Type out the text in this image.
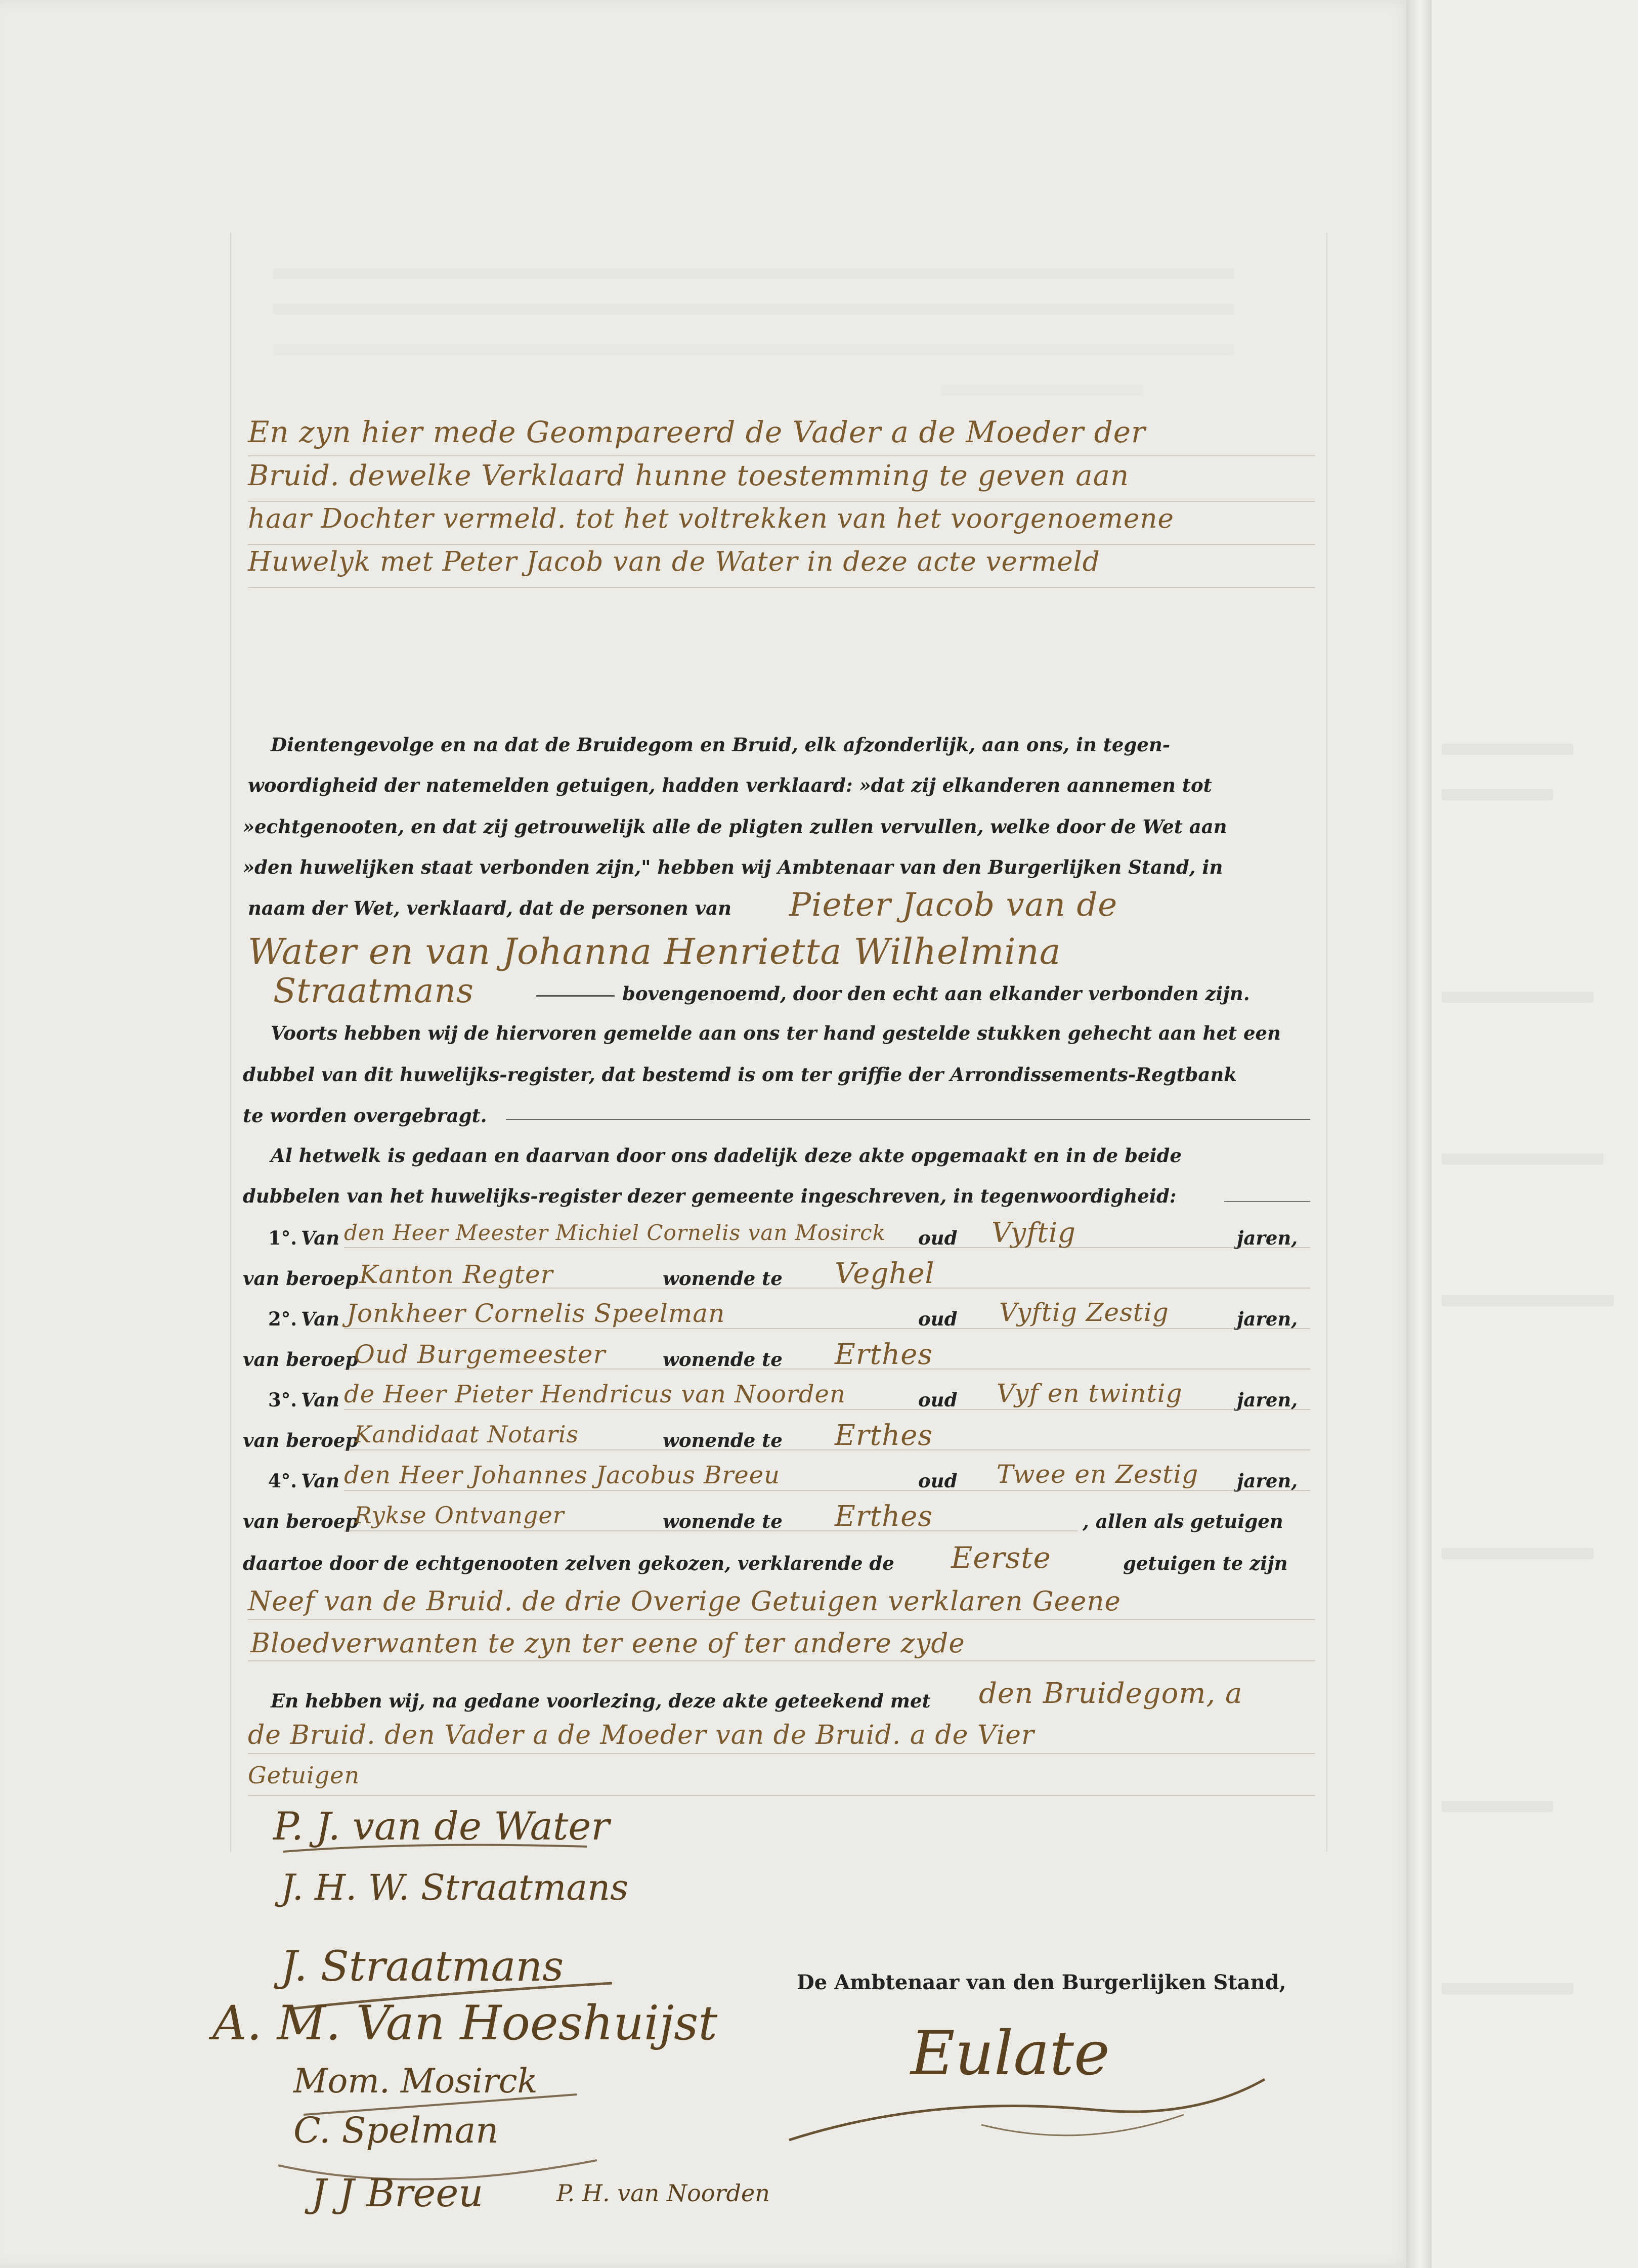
En zyn hier mede Geompareerd de Vader a de Moeder der
Bruid. dewelke Verklaard hunne toestemming te geven aan
haar Dochter vermeld. tot het voltrekken van het voorgenoemene
Huwelyk met Peter Jacob van de Water in deze acte vermeld
Dientengevolge en na dat de Bruidegom en Bruid, elk afzonderlijk, aan ons, in tegen-
woordigheid der natemelden getuigen, hadden verklaard: »dat zij elkanderen aannemen tot
»echtgenooten, en dat zij getrouwelijk alle de pligten zullen vervullen, welke door de Wet aan
»den huwelijken staat verbonden zijn," hebben wij Ambtenaar van den Burgerlijken Stand, in
naam der Wet, verklaard, dat de personen van Pieter Jacob van de
Water en van Johanna Henrietta Wilhelmina
Straatmans	bovengenoemd, door den echt aan elkander verbonden zijn.
Voorts hebben wij de hiervoren gemelde aan ons ter hand gestelde stukken gehecht aan het een
dubbel van dit huwelijks-register, dat bestemd is om ter griffie der Arrondissements-Regtbank
te worden overgebragt.
Al hetwelk is gedaan en daarvan door ons dadelijk deze akte opgemaakt en in de beide
dubbelen van het huwelijks-register dezer gemeente ingeschreven, in tegenwoordigheid:
1°. Van den Heer Meester Michiel Cornelis van Mosirck oud Vyftig	jaren,
van beroep Kanton Regter	wonende te Veghel
2°. Van Jonkheer Cornelis Speelman	oud Vyftig Zestig	jaren,
van beroep
Oud Burgemeester	wonende te Erthes
3°. Van de Heer Pieter Hendricus van Noorden	oud Vyf en twintig	jaren,
van beroep
Kandidaat Notaris	wonende te Erthes
4°. Van den Heer Johannes Jacobus Breeu	oud Twee en Zestig jaren,
van beroep
Rykse Ontvanger	wonende te Erthes	, allen als getuigen
daartoe door de echtgenooten zelven gekozen, verklarende de Eerste	getuigen te zijn
Neef van de Bruid. de drie Overige Getuigen verklaren Geene
Bloedverwanten te zyn ter eene of ter andere zyde
En hebben wij, na gedane voorlezing, deze akte geteekend met den Bruidegom, a
de Bruid. den Vader a de Moeder van de Bruid. a de Vier
Getuigen
P. J. van de Water
J. H. W. Straatmans
J. Straatmans
A. M. Van Hoeshuijst
Mom. Mosirck
C. Spelman
J J Breeu	P. H. van Noorden
De Ambtenaar van den Burgerlijken Stand,
Eulate
